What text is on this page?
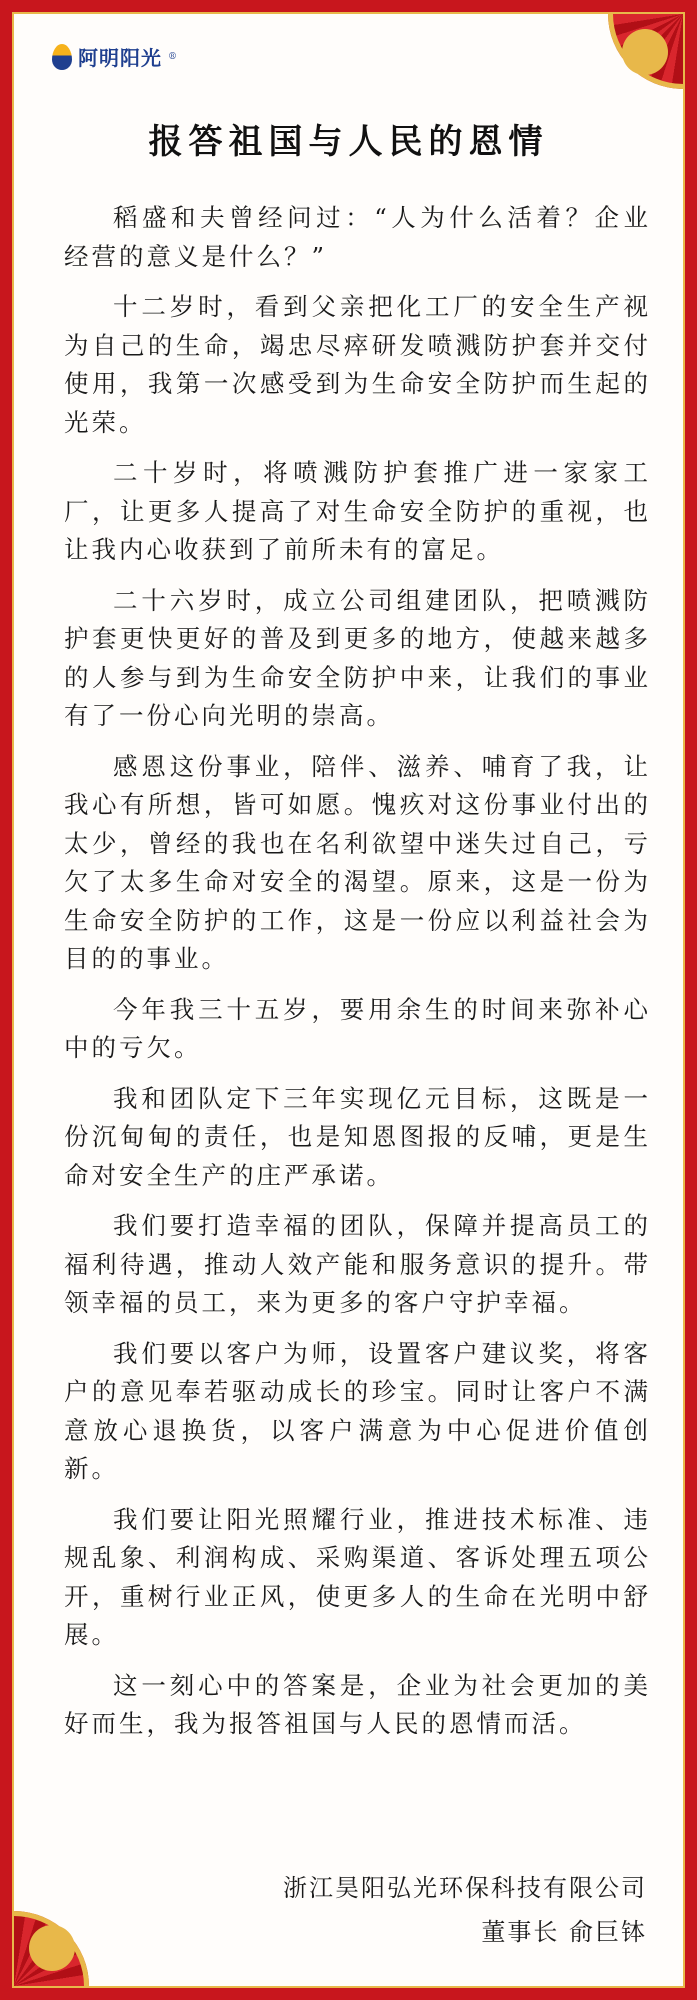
阿明阳光 ®
报答祖国与人民的恩情

稻盛和夫曾经问过：“人为什么活着？企业经营的意义是什么？”

十二岁时，看到父亲把化工厂的安全生产视为自己的生命，竭忠尽瘁研发喷溅防护套并交付使用，我第一次感受到为生命安全防护而生起的光荣。

二十岁时，将喷溅防护套推广进一家家工厂，让更多人提高了对生命安全防护的重视，也让我内心收获到了前所未有的富足。

二十六岁时，成立公司组建团队，把喷溅防护套更快更好的普及到更多的地方，使越来越多的人参与到为生命安全防护中来，让我们的事业有了一份心向光明的崇高。

感恩这份事业，陪伴、滋养、哺育了我，让我心有所想，皆可如愿。愧疚对这份事业付出的太少，曾经的我也在名利欲望中迷失过自己，亏欠了太多生命对安全的渴望。原来，这是一份为生命安全防护的工作，这是一份应以利益社会为目的的事业。

今年我三十五岁，要用余生的时间来弥补心中的亏欠。

我和团队定下三年实现亿元目标，这既是一份沉甸甸的责任，也是知恩图报的反哺，更是生命对安全生产的庄严承诺。

我们要打造幸福的团队，保障并提高员工的福利待遇，推动人效产能和服务意识的提升。带领幸福的员工，来为更多的客户守护幸福。

我们要以客户为师，设置客户建议奖，将客户的意见奉若驱动成长的珍宝。同时让客户不满意放心退换货，以客户满意为中心促进价值创新。

我们要让阳光照耀行业，推进技术标准、违规乱象、利润构成、采购渠道、客诉处理五项公开，重树行业正风，使更多人的生命在光明中舒展。

这一刻心中的答案是，企业为社会更加的美好而生，我为报答祖国与人民的恩情而活。

浙江昊阳弘光环保科技有限公司
董事长 俞巨钵
